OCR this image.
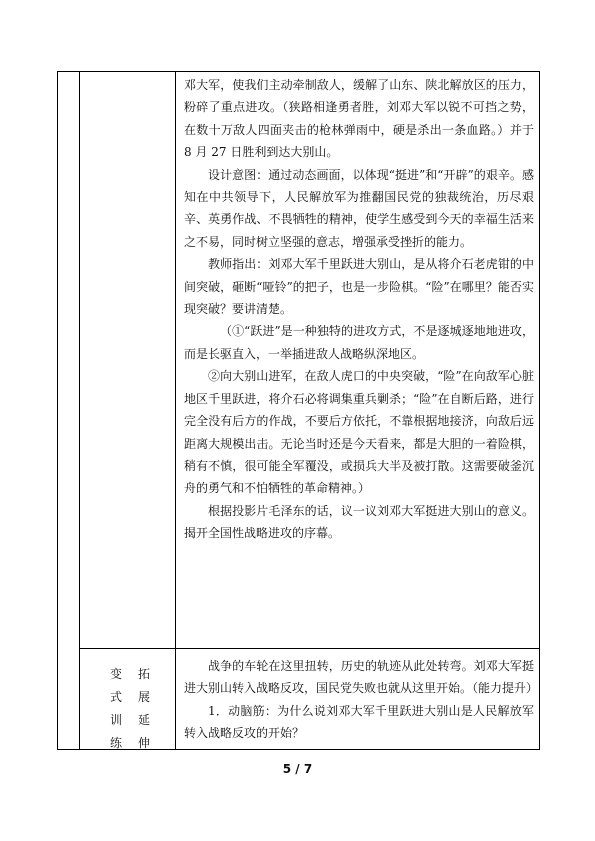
邓大军，使我们主动牵制敌人，缓解了山东、陕北解放区的压力，粉碎了重点进攻。（狭路相逢勇者胜，刘邓大军以锐不可挡之势，在数十万敌人四面夹击的枪林弹雨中，硬是杀出一条血路。）并于 8 月 27 日胜利到达大别山。

设计意图：通过动态画面，以体现“挺进”和“开辟”的艰辛。感知在中共领导下，人民解放军为推翻国民党的独裁统治，历尽艰辛、英勇作战、不畏牺牲的精神，使学生感受到今天的幸福生活来之不易，同时树立坚强的意志，增强承受挫折的能力。

教师指出：刘邓大军千里跃进大别山，是从将介石老虎钳的中间突破，砸断“哑铃”的把子，也是一步险棋。“险”在哪里？能否实现突破？要讲清楚。

（①“跃进”是一种独特的进攻方式，不是逐城逐地地进攻，而是长驱直入，一举插进敌人战略纵深地区。

②向大别山进军，在敌人虎口的中央突破，“险”在向敌军心脏地区千里跃进，将介石必将调集重兵剿杀；“险”在自断后路，进行完全没有后方的作战，不要后方依托，不靠根据地接济，向敌后远距离大规模出击。无论当时还是今天看来，都是大胆的一着险棋，稍有不慎，很可能全军覆没，或损兵大半及被打散。这需要破釜沉舟的勇气和不怕牺牲的革命精神。）

根据投影片毛泽东的话，议一议刘邓大军挺进大别山的意义。揭开全国性战略进攻的序幕。

变 拓
式 展
训 延
练 伸

战争的车轮在这里扭转，历史的轨迹从此处转弯。刘邓大军挺进大别山转入战略反攻，国民党失败也就从这里开始。（能力提升）

1．动脑筋：为什么说刘邓大军千里跃进大别山是人民解放军转入战略反攻的开始？

5 / 7
